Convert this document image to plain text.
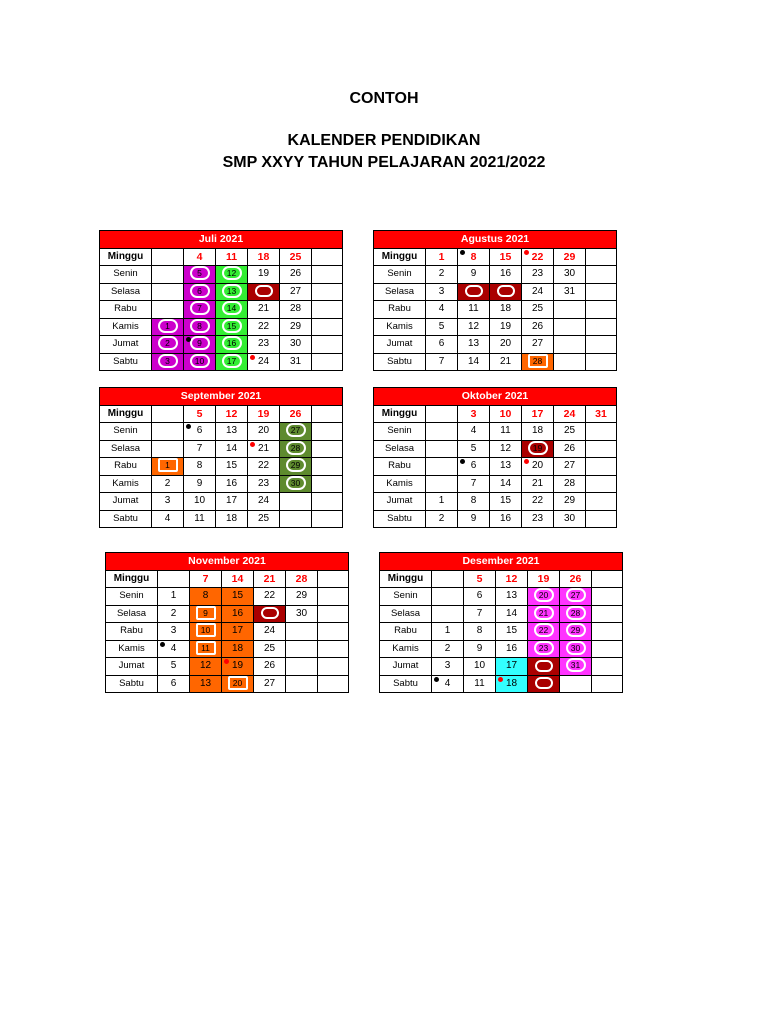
CONTOH
KALENDER PENDIDIKAN
SMP XXYY TAHUN PELAJARAN 2021/2022
Juli 2021						
Minggu		4	11	18	25	
Senin		5	12	19	26	
Selasa		6	13		27	
Rabu		7	14	21	28	
Kamis	1	8	15	22	29	
Jumat	2	9	16	23	30	
Sabtu	3	10	17	24	31	
Agustus 2021						
Minggu	1	8	15	22	29	
Senin	2	9	16	23	30	
Selasa	3			24	31	
Rabu	4	11	18	25		
Kamis	5	12	19	26		
Jumat	6	13	20	27		
Sabtu	7	14	21	28		
September 2021						
Minggu		5	12	19	26	
Senin		6	13	20	27	
Selasa		7	14	21	28	
Rabu	1	8	15	22	29	
Kamis	2	9	16	23	30	
Jumat	3	10	17	24		
Sabtu	4	11	18	25		
Oktober 2021						
Minggu		3	10	17	24	31
Senin		4	11	18	25	
Selasa		5	12	19	26	
Rabu		6	13	20	27	
Kamis		7	14	21	28	
Jumat	1	8	15	22	29	
Sabtu	2	9	16	23	30	
November 2021						
Minggu		7	14	21	28	
Senin	1	8	15	22	29	
Selasa	2	9	16		30	
Rabu	3	10	17	24		
Kamis	4	11	18	25		
Jumat	5	12	19	26		
Sabtu	6	13	20	27		
Desember 2021						
Minggu		5	12	19	26	
Senin		6	13	20	27	
Selasa		7	14	21	28	
Rabu	1	8	15	22	29	
Kamis	2	9	16	23	30	
Jumat	3	10	17		31	
Sabtu	4	11	18			
